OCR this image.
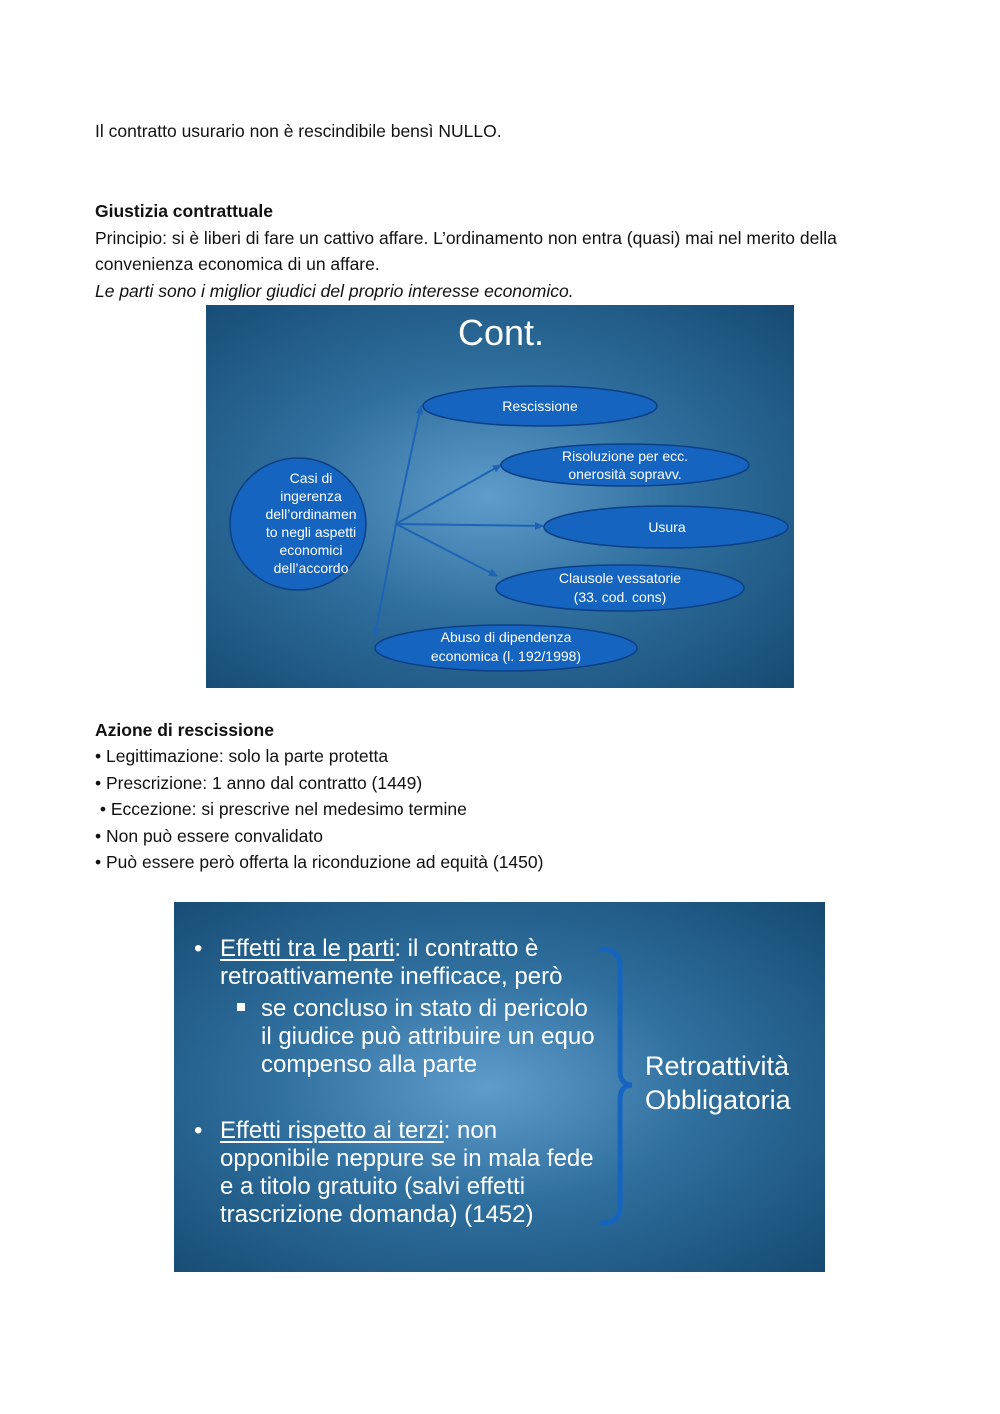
Il contratto usurario non è rescindibile bensì NULLO.

Giustizia contrattuale

Principio: si è liberi di fare un cattivo affare. L’ordinamento non entra (quasi) mai nel merito della

convenienza economica di un affare.

Le parti sono i miglior giudici del proprio interesse economico.

Cont.
Casi di
ingerenza
dell’ordinamen
to negli aspetti
economici
dell’accordo
Rescissione
Risoluzione per ecc.
onerosità sopravv.
Usura
Clausole vessatorie
(33. cod. cons)
Abuso di dipendenza
economica (l. 192/1998)

Azione di rescissione

• Legittimazione: solo la parte protetta

• Prescrizione: 1 anno dal contratto (1449)

• Eccezione: si prescrive nel medesimo termine

• Non può essere convalidato

• Può essere però offerta la riconduzione ad equità (1450)

• Effetti tra le parti: il contratto è
retroattivamente inefficace, però
se concluso in stato di pericolo
il giudice può attribuire un equo
compenso alla parte
• Effetti rispetto ai terzi: non
opponibile neppure se in mala fede
e a titolo gratuito (salvi effetti
trascrizione domanda) (1452)
Retroattività
Obbligatoria
